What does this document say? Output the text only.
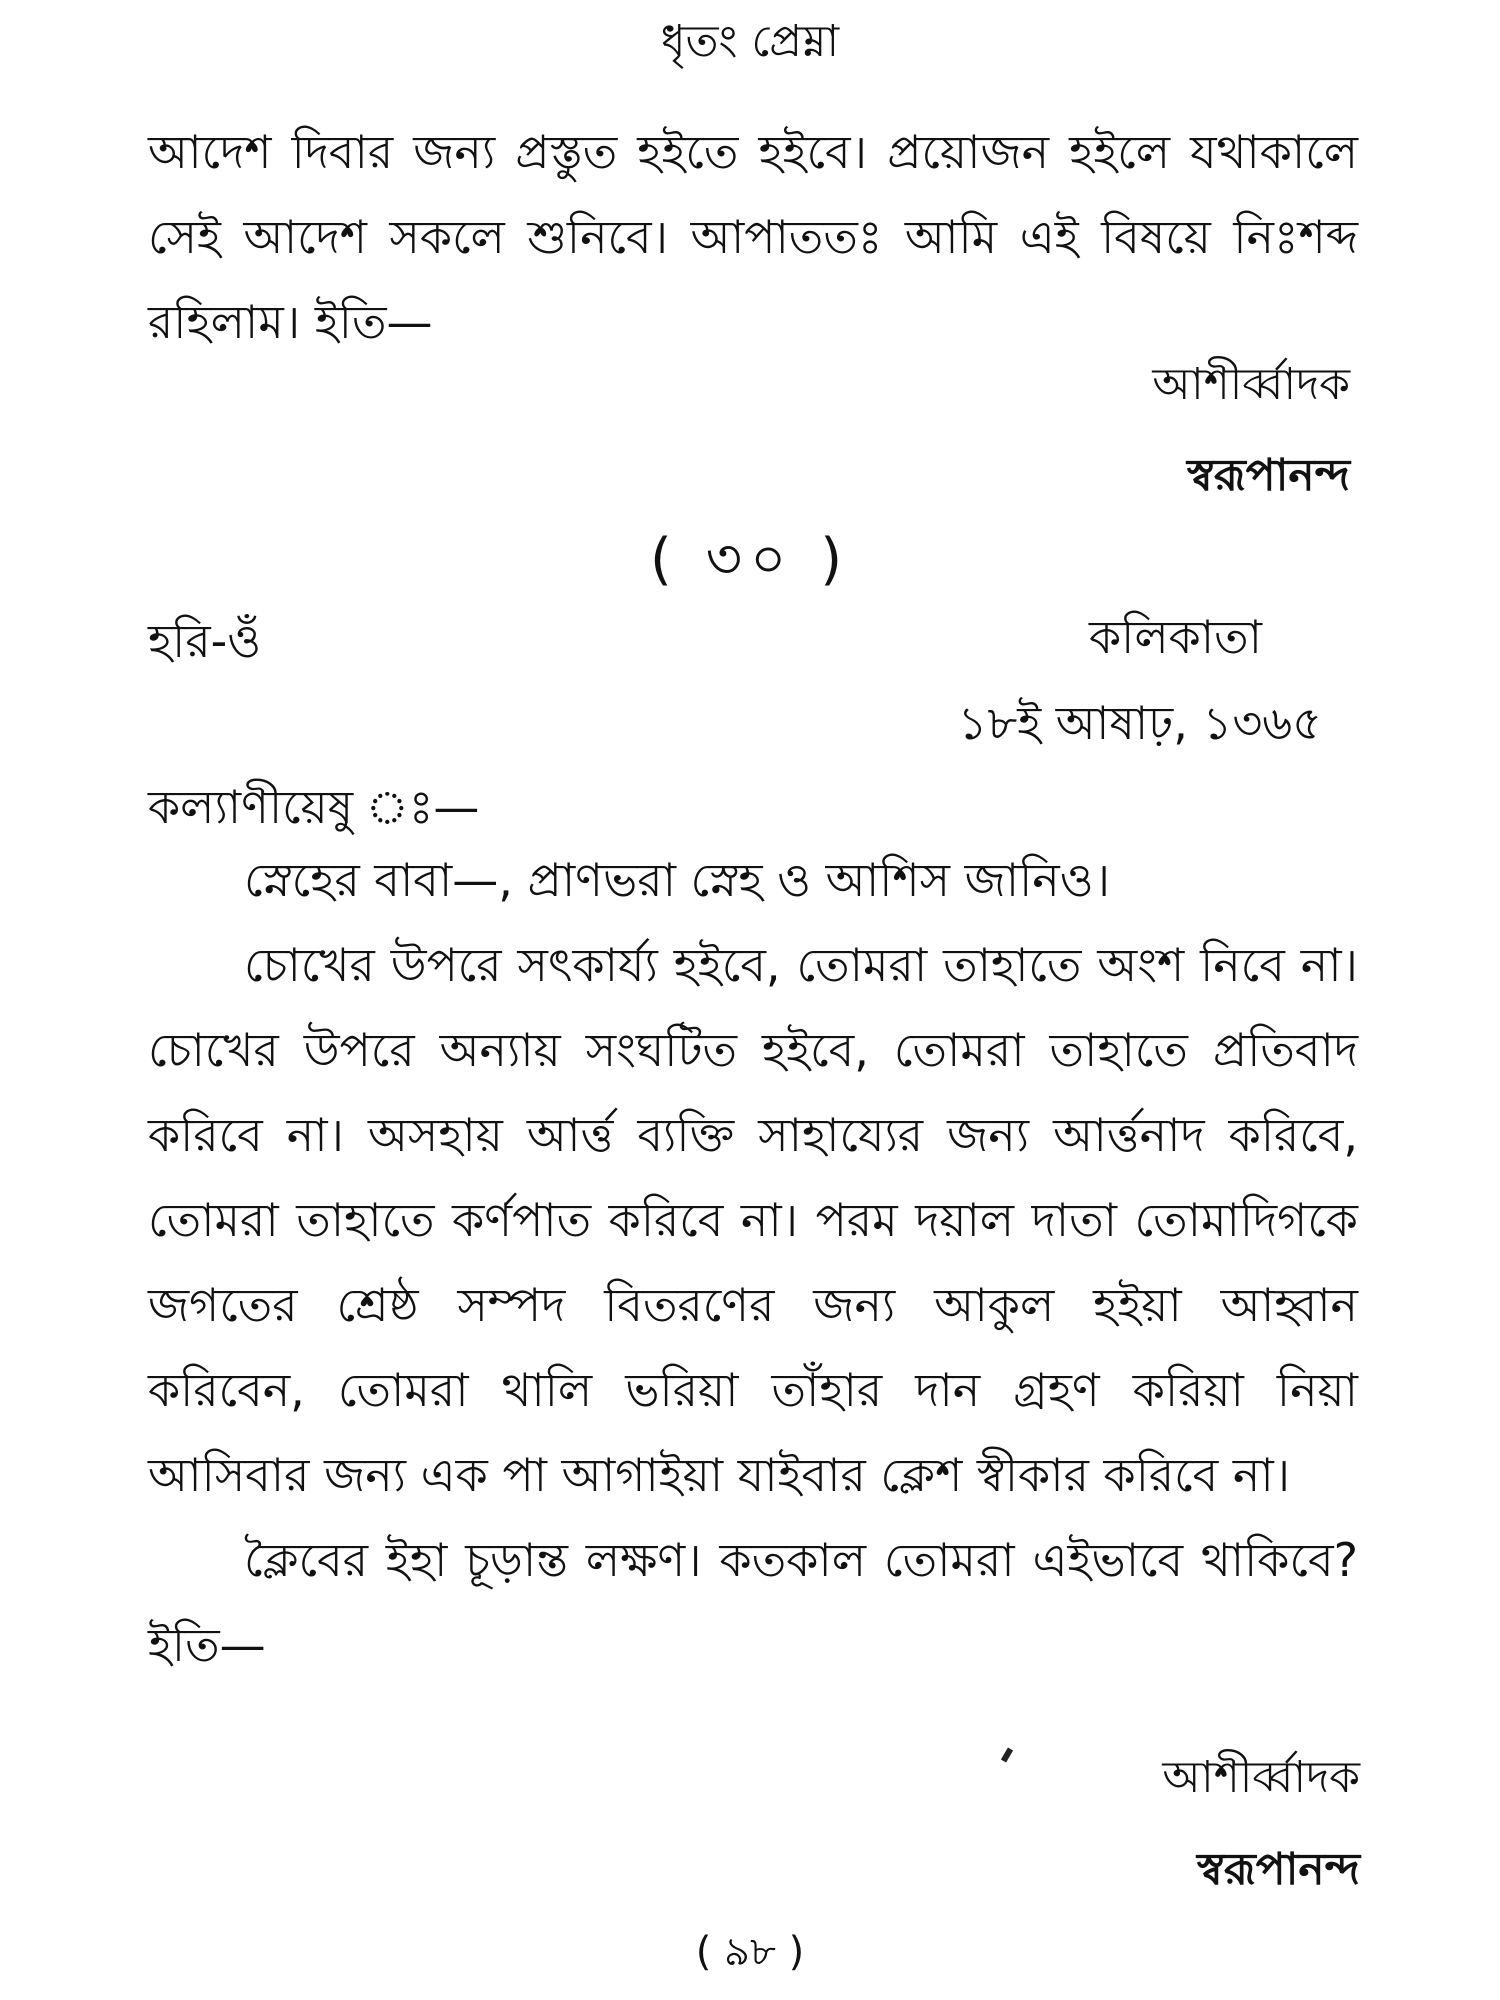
ধৃতং প্রেম্না
আদেশ দিবার জন্য প্রস্তুত হইতে হইবে। প্রয়োজন হইলে যথাকালে সেই আদেশ সকলে শুনিবে। আপাততঃ আমি এই বিষয়ে নিঃশব্দ রহিলাম। ইতি—
আশীর্ব্বাদক
স্বরূপানন্দ
( ৩০ )
হরি-ওঁ	কলিকাতা
১৮ই আষাঢ়, ১৩৬৫
কল্যাণীয়েষু ঃ—
স্নেহের বাবা—, প্রাণভরা স্নেহ ও আশিস জানিও।
চোখের উপরে সৎকার্য্য হইবে, তোমরা তাহাতে অংশ নিবে না। চোখের উপরে অন্যায় সংঘটিত হইবে, তোমরা তাহাতে প্রতিবাদ করিবে না। অসহায় আর্ত্ত ব্যক্তি সাহায্যের জন্য আর্ত্তনাদ করিবে, তোমরা তাহাতে কর্ণপাত করিবে না। পরম দয়াল দাতা তোমাদিগকে জগতের শ্রেষ্ঠ সম্পদ বিতরণের জন্য আকুল হইয়া আহ্বান করিবেন, তোমরা থালি ভরিয়া তাঁহার দান গ্রহণ করিয়া নিয়া আসিবার জন্য এক পা আগাইয়া যাইবার ক্লেশ স্বীকার করিবে না।
ক্লৈবের ইহা চূড়ান্ত লক্ষণ। কতকাল তোমরা এইভাবে থাকিবে? ইতি—
আশীর্ব্বাদক
স্বরূপানন্দ
( ৯৮ )
